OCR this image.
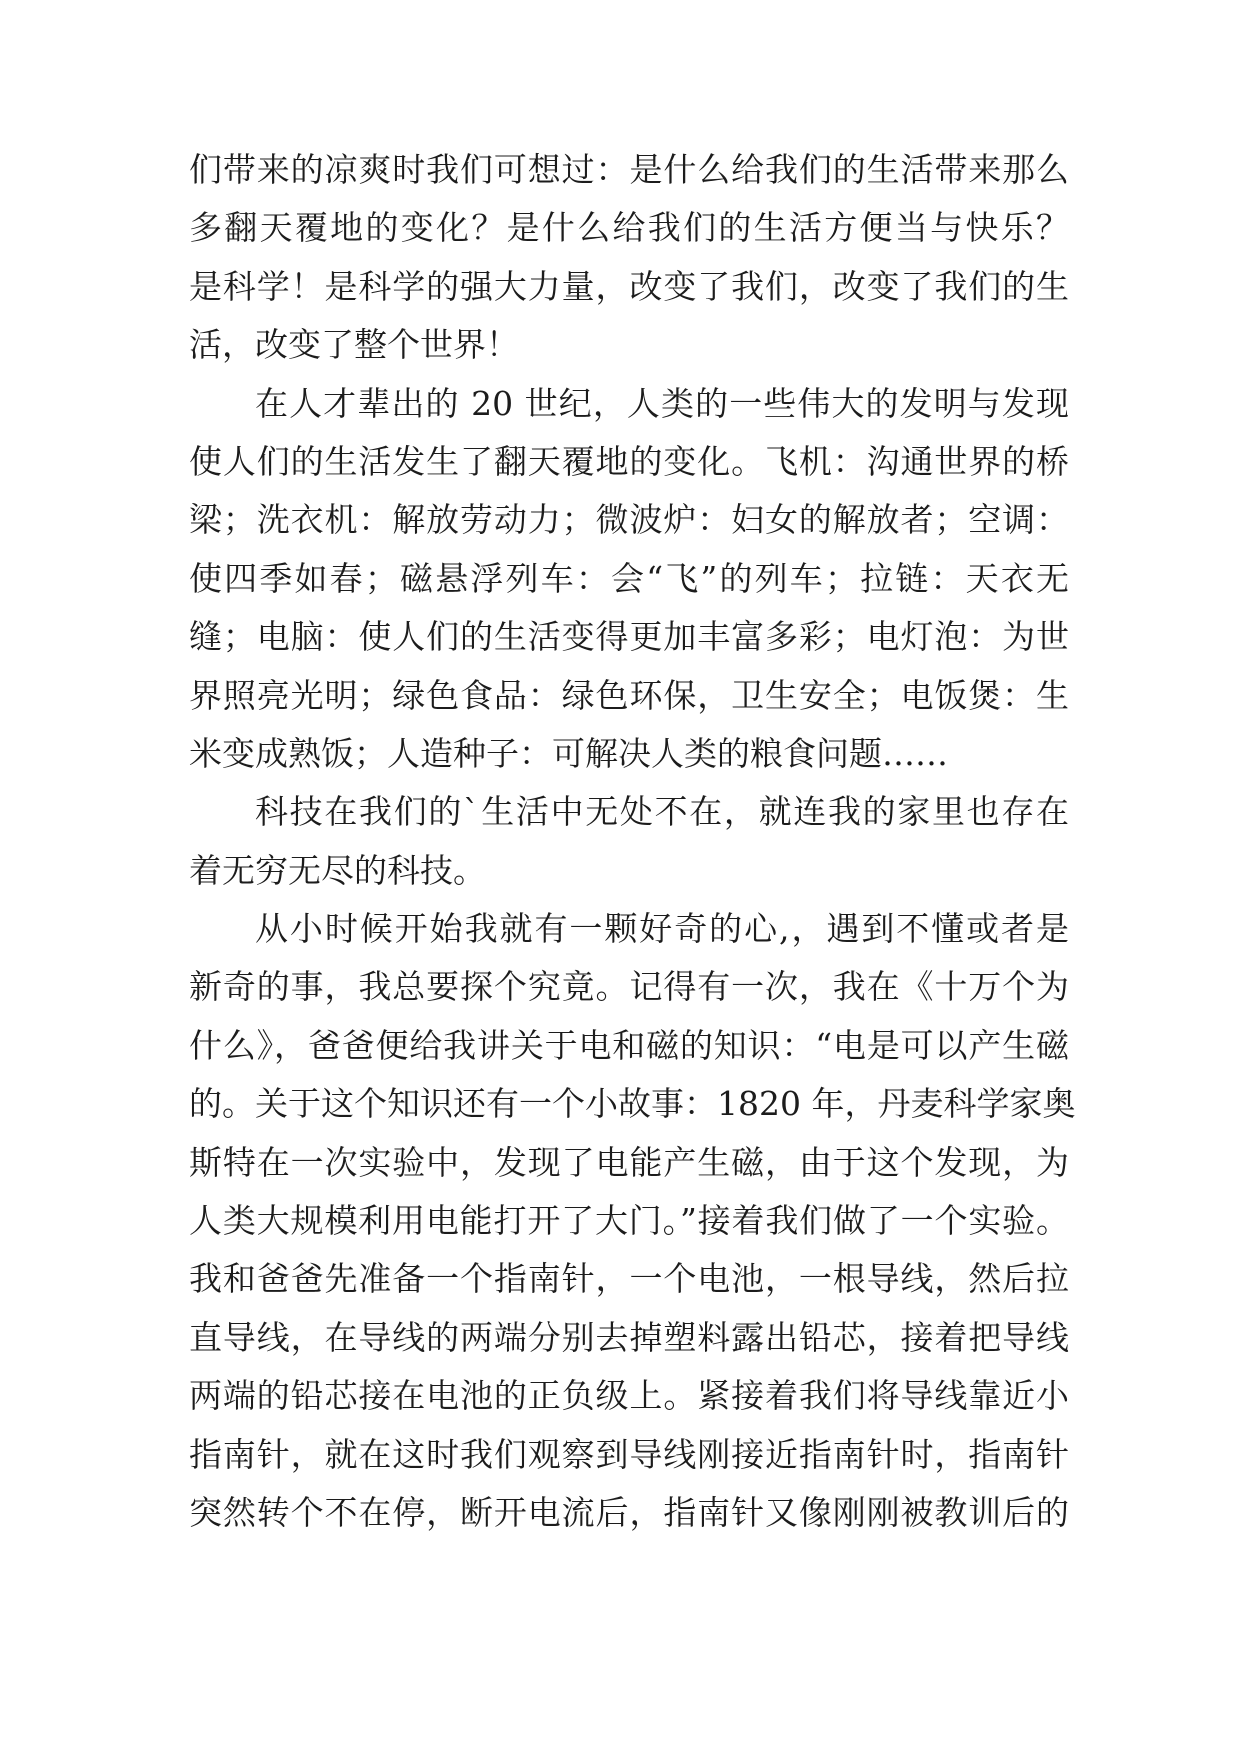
们带来的凉爽时我们可想过：是什么给我们的生活带来那么
多翻天覆地的变化？是什么给我们的生活方便当与快乐？
是科学！是科学的强大力量，改变了我们，改变了我们的生
活，改变了整个世界！
在人才辈出的 20 世纪，人类的一些伟大的发明与发现
使人们的生活发生了翻天覆地的变化。飞机：沟通世界的桥
梁；洗衣机：解放劳动力；微波炉：妇女的解放者；空调：
使四季如春；磁悬浮列车：会“飞”的列车；拉链：天衣无
缝；电脑：使人们的生活变得更加丰富多彩；电灯泡：为世
界照亮光明；绿色食品：绿色环保，卫生安全；电饭煲：生
米变成熟饭；人造种子：可解决人类的粮食问题……
科技在我们的`生活中无处不在，就连我的家里也存在
着无穷无尽的科技。
从小时候开始我就有一颗好奇的心,，遇到不懂或者是
新奇的事，我总要探个究竟。记得有一次，我在《十万个为
什么》，爸爸便给我讲关于电和磁的知识：“电是可以产生磁
的。关于这个知识还有一个小故事：1820 年，丹麦科学家奥
斯特在一次实验中，发现了电能产生磁，由于这个发现，为
人类大规模利用电能打开了大门。”接着我们做了一个实验。
我和爸爸先准备一个指南针，一个电池，一根导线，然后拉
直导线，在导线的两端分别去掉塑料露出铅芯，接着把导线
两端的铅芯接在电池的正负级上。紧接着我们将导线靠近小
指南针，就在这时我们观察到导线刚接近指南针时，指南针
突然转个不在停，断开电流后，指南针又像刚刚被教训后的
